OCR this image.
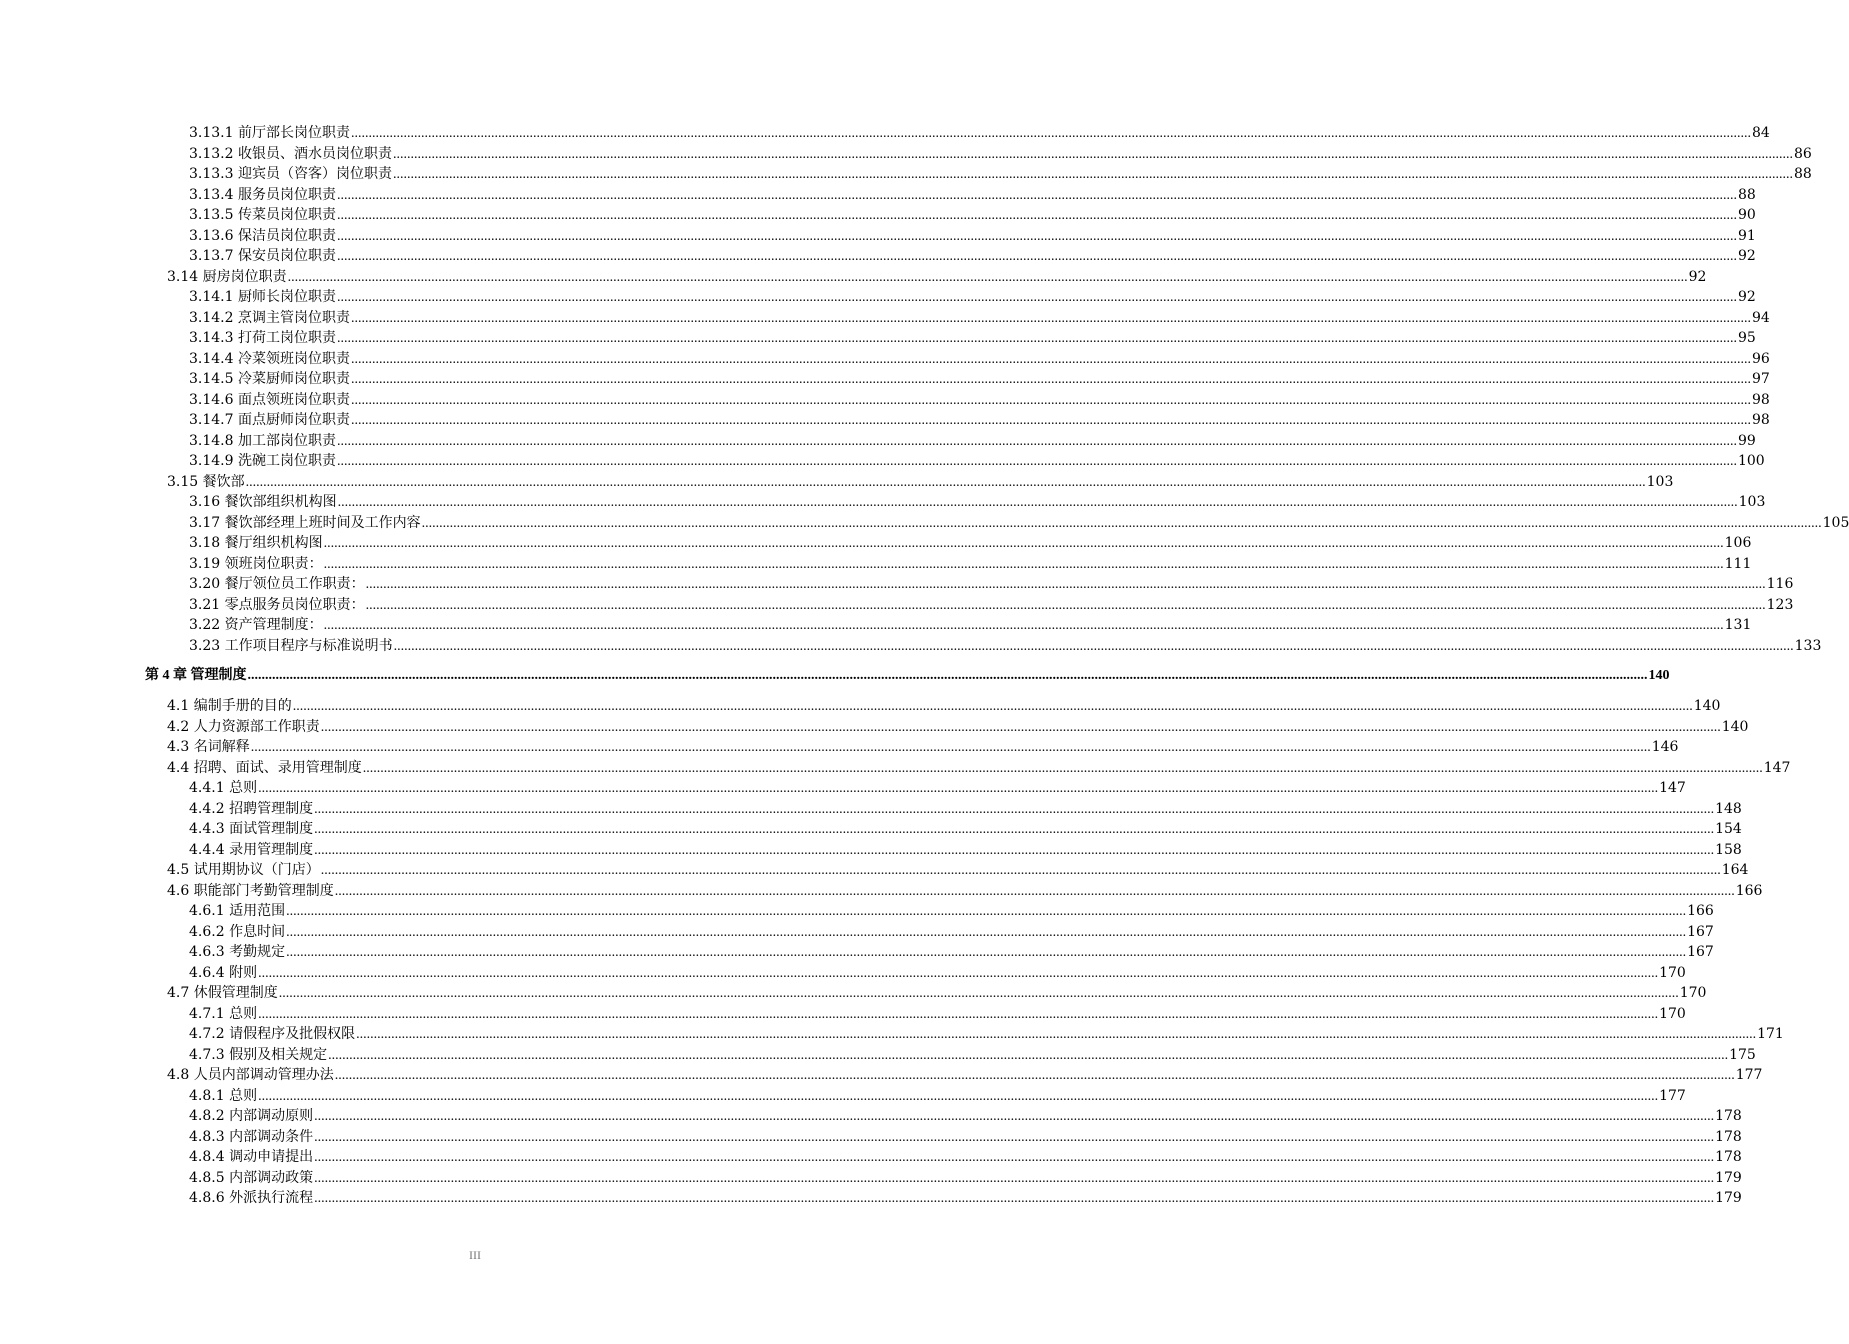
3.13.1 前厅部长岗位职责 ................................................................................................................................................................................................................................................................................................................................................................................................................ 84
3.13.2 收银员、酒水员岗位职责 ................................................................................................................................................................................................................................................................................................................................................................................................................ 86
3.13.3 迎宾员（咨客）岗位职责 ................................................................................................................................................................................................................................................................................................................................................................................................................ 88
3.13.4 服务员岗位职责 ................................................................................................................................................................................................................................................................................................................................................................................................................ 88
3.13.5 传菜员岗位职责 ................................................................................................................................................................................................................................................................................................................................................................................................................ 90
3.13.6 保洁员岗位职责 ................................................................................................................................................................................................................................................................................................................................................................................................................ 91
3.13.7 保安员岗位职责 ................................................................................................................................................................................................................................................................................................................................................................................................................ 92
3.14 厨房岗位职责 ................................................................................................................................................................................................................................................................................................................................................................................................................ 92
3.14.1 厨师长岗位职责 ................................................................................................................................................................................................................................................................................................................................................................................................................ 92
3.14.2 烹调主管岗位职责 ................................................................................................................................................................................................................................................................................................................................................................................................................ 94
3.14.3 打荷工岗位职责 ................................................................................................................................................................................................................................................................................................................................................................................................................ 95
3.14.4 冷菜领班岗位职责 ................................................................................................................................................................................................................................................................................................................................................................................................................ 96
3.14.5 冷菜厨师岗位职责 ................................................................................................................................................................................................................................................................................................................................................................................................................ 97
3.14.6 面点领班岗位职责 ................................................................................................................................................................................................................................................................................................................................................................................................................ 98
3.14.7 面点厨师岗位职责 ................................................................................................................................................................................................................................................................................................................................................................................................................ 98
3.14.8 加工部岗位职责 ................................................................................................................................................................................................................................................................................................................................................................................................................ 99
3.14.9 洗碗工岗位职责 ................................................................................................................................................................................................................................................................................................................................................................................................................ 100
3.15 餐饮部 ................................................................................................................................................................................................................................................................................................................................................................................................................ 103
3.16 餐饮部组织机构图 ................................................................................................................................................................................................................................................................................................................................................................................................................ 103
3.17 餐饮部经理上班时间及工作内容 ................................................................................................................................................................................................................................................................................................................................................................................................................ 105
3.18 餐厅组织机构图 ................................................................................................................................................................................................................................................................................................................................................................................................................ 106
3.19 领班岗位职责： ................................................................................................................................................................................................................................................................................................................................................................................................................ 111
3.20 餐厅领位员工作职责： ................................................................................................................................................................................................................................................................................................................................................................................................................ 116
3.21 零点服务员岗位职责： ................................................................................................................................................................................................................................................................................................................................................................................................................ 123
3.22 资产管理制度： ................................................................................................................................................................................................................................................................................................................................................................................................................ 131
3.23 工作项目程序与标准说明书 ................................................................................................................................................................................................................................................................................................................................................................................................................ 133
第 4 章 管理制度 ................................................................................................................................................................................................................................................................................................................................................................................................................ 140
4.1 编制手册的目的 ................................................................................................................................................................................................................................................................................................................................................................................................................ 140
4.2 人力资源部工作职责 ................................................................................................................................................................................................................................................................................................................................................................................................................ 140
4.3 名词解释 ................................................................................................................................................................................................................................................................................................................................................................................................................ 146
4.4 招聘、面试、录用管理制度 ................................................................................................................................................................................................................................................................................................................................................................................................................ 147
4.4.1 总则 ................................................................................................................................................................................................................................................................................................................................................................................................................ 147
4.4.2 招聘管理制度 ................................................................................................................................................................................................................................................................................................................................................................................................................ 148
4.4.3 面试管理制度 ................................................................................................................................................................................................................................................................................................................................................................................................................ 154
4.4.4 录用管理制度 ................................................................................................................................................................................................................................................................................................................................................................................................................ 158
4.5 试用期协议（门店） ................................................................................................................................................................................................................................................................................................................................................................................................................ 164
4.6 职能部门考勤管理制度 ................................................................................................................................................................................................................................................................................................................................................................................................................ 166
4.6.1 适用范围 ................................................................................................................................................................................................................................................................................................................................................................................................................ 166
4.6.2 作息时间 ................................................................................................................................................................................................................................................................................................................................................................................................................ 167
4.6.3 考勤规定 ................................................................................................................................................................................................................................................................................................................................................................................................................ 167
4.6.4 附则 ................................................................................................................................................................................................................................................................................................................................................................................................................ 170
4.7 休假管理制度 ................................................................................................................................................................................................................................................................................................................................................................................................................ 170
4.7.1 总则 ................................................................................................................................................................................................................................................................................................................................................................................................................ 170
4.7.2 请假程序及批假权限 ................................................................................................................................................................................................................................................................................................................................................................................................................ 171
4.7.3 假别及相关规定 ................................................................................................................................................................................................................................................................................................................................................................................................................ 175
4.8 人员内部调动管理办法 ................................................................................................................................................................................................................................................................................................................................................................................................................ 177
4.8.1 总则 ................................................................................................................................................................................................................................................................................................................................................................................................................ 177
4.8.2 内部调动原则 ................................................................................................................................................................................................................................................................................................................................................................................................................ 178
4.8.3 内部调动条件 ................................................................................................................................................................................................................................................................................................................................................................................................................ 178
4.8.4 调动申请提出 ................................................................................................................................................................................................................................................................................................................................................................................................................ 178
4.8.5 内部调动政策 ................................................................................................................................................................................................................................................................................................................................................................................................................ 179
4.8.6 外派执行流程 ................................................................................................................................................................................................................................................................................................................................................................................................................ 179
III
